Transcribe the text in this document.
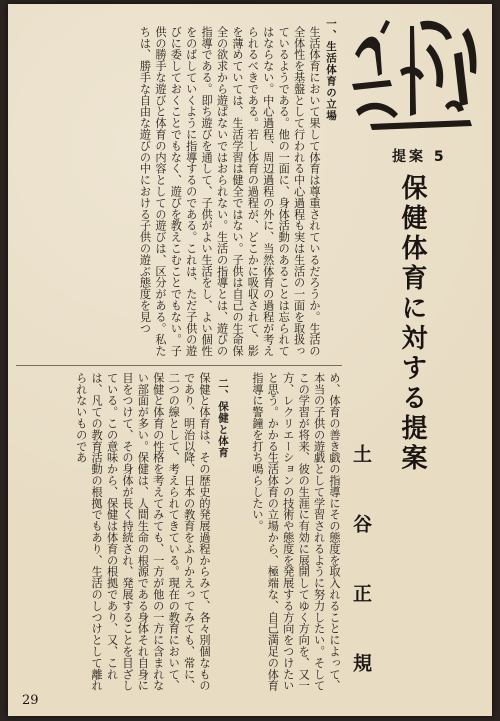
提案 5
保健体育に対する提案
土 谷 正 規
一、生活体育の立場
生活体育において果して体育は尊重されているだろうか。生活の全体性を基盤として行われる中心過程も実は生活の一面を取扱っているようである。他の一面に、身体活動のあることは忘られてはならない。中心過程、周辺過程の外に、当然体育の過程が考えられるべきである。若し体育の過程が、どこかに吸収されて、影を薄めていては、生活学習は健全ではない。子供は自己の生命保全の欲求から遊ばないではおられない。生活の指導とは、遊びの指導である。即ち遊びを通して、子供がよい生活をし、よい個性をのばしていくように指導するのである。これは、ただ子供の遊びに委しておくことでもなく、遊びを教えこむことでもない。子供の勝手な遊びと体育の内容としての遊びは、区分がある。私たちは、勝手な自由な遊びの中における子供の遊ぶ態度を見つ
め、体育の善き戯の指導にその態度を取入れることによって、本当の子供の遊戯として学習されるように努力したい。そしてこの学習が将来、彼の生涯に有効に展開してゆく方向を、又一方、レクリエーションの技術や態度を発展する方向をつけたいと思う。かかる生活体育の立場から、極端な、自己満足の体育指導に警鐘を打ち鳴らしたい。
二、保健と体育
保健と体育は、その歴史的発展過程からみて、各々別個なものであり、明治以降、日本の教育をふりかえってみても、常に、二つの線として、考えられてきている。現在の教育において、保健と体育の性格を考えてみても、一方が他の一方に含まれない部面が多い。保健は、人間生命の根源である身体それ自身に目をつけて、その身体が長く持続され、発展することを目ざしている。この意味から、保健は体育の根拠であり、又、これは、凡ての教育活動の根拠でもあり、生活のしつけとして離れられないものであ
29
